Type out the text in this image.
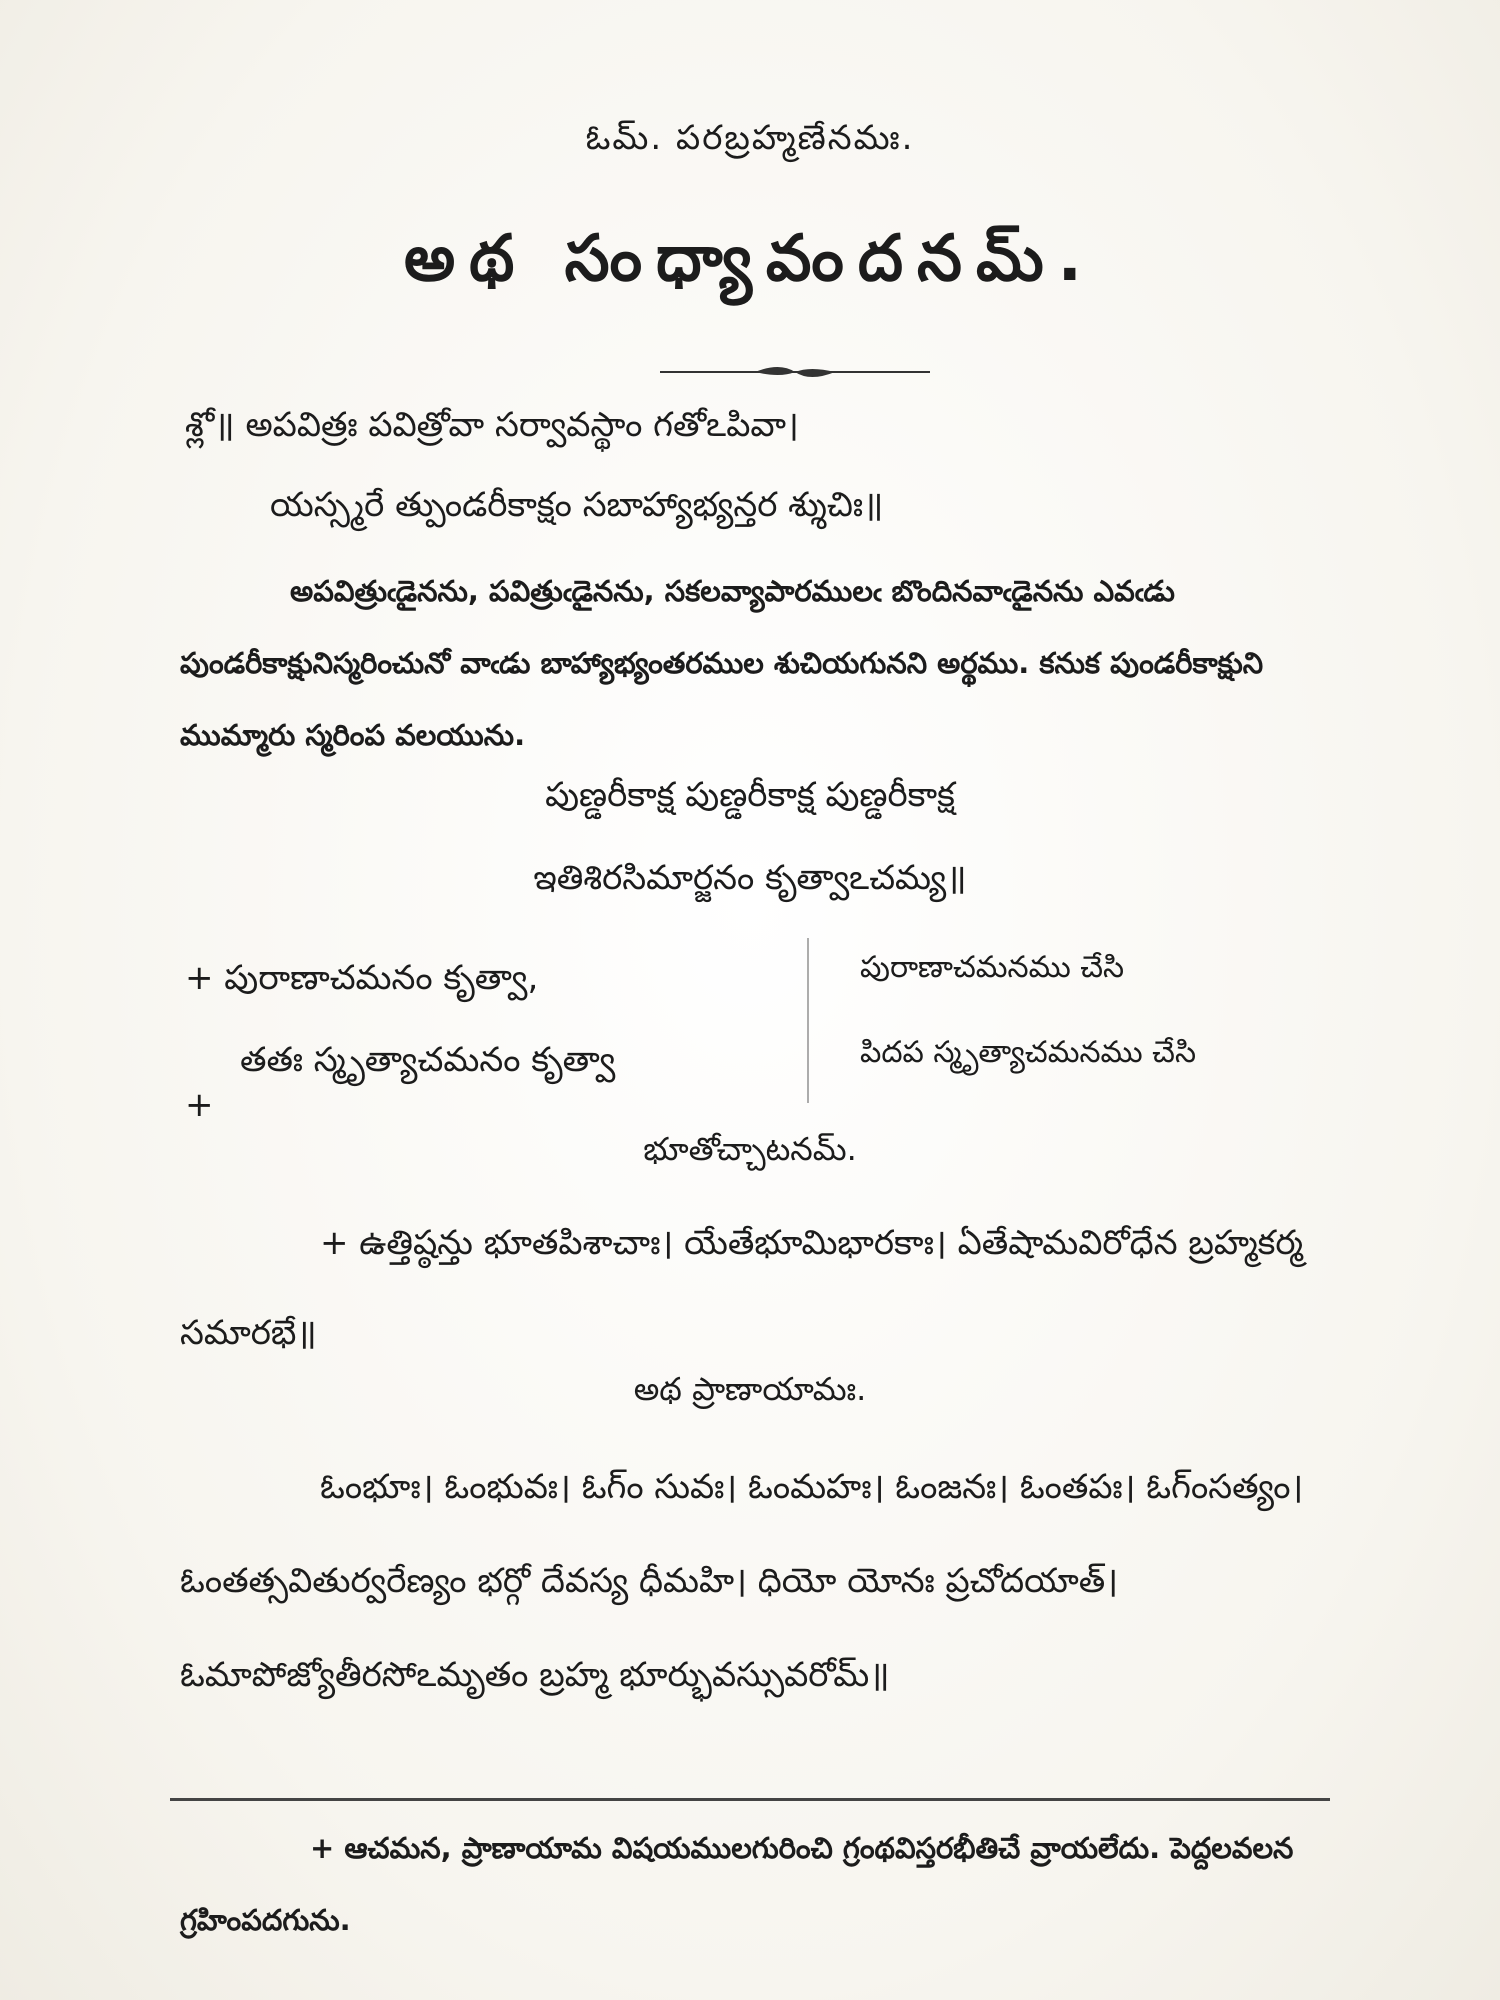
ఓమ్. పరబ్రహ్మణేనమః.
అథ సంధ్యావందనమ్.
శ్లో॥ అపవిత్రః పవిత్రోవా సర్వావస్థాం గతోఽపివా।
యస్స్మరే త్పుండరీకాక్షం సబాహ్యాభ్యన్తర శ్శుచిః॥
అపవిత్రుఁడైనను, పవిత్రుఁడైనను, సకలవ్యాపారములఁ బొందినవాఁడైనను ఎవఁడు పుండరీకాక్షునిస్మరించునో వాఁడు బాహ్యాభ్యంతరముల శుచియగునని అర్థము. కనుక పుండరీకాక్షుని ముమ్మారు స్మరింప వలయును.
పుణ్డరీకాక్ష పుణ్డరీకాక్ష పుణ్డరీకాక్ష
ఇతిశిరసిమార్జనం కృత్వాఽచమ్య॥
+ పురాణాచమనం కృత్వా,	పురాణాచమనము చేసి
+
తతః స్మృత్యాచమనం కృత్వా	పిదప స్మృత్యాచమనము చేసి
భూతోచ్చాటనమ్.
+ ఉత్తిష్ఠన్తు భూతపిశాచాః। యేతేభూమిభారకాః। ఏతేషామవిరోధేన బ్రహ్మకర్మ సమారభే॥
అథ ప్రాణాయామః.
ఓంభూః। ఓంభువః। ఓగ్ం సువః। ఓంమహః। ఓంజనః। ఓంతపః। ఓగ్ంసత్యం। ఓంతత్సవితుర్వరేణ్యం భర్గో దేవస్య ధీమహి। ధియో యోనః ప్రచోదయాత్। ఓమాపోజ్యోతీరసోఽమృతం బ్రహ్మ భూర్భువస్సువరోమ్॥
+ ఆచమన, ప్రాణాయామ విషయములగురించి గ్రంథవిస్తరభీతిచే వ్రాయలేదు. పెద్దలవలన గ్రహింపదగును.
